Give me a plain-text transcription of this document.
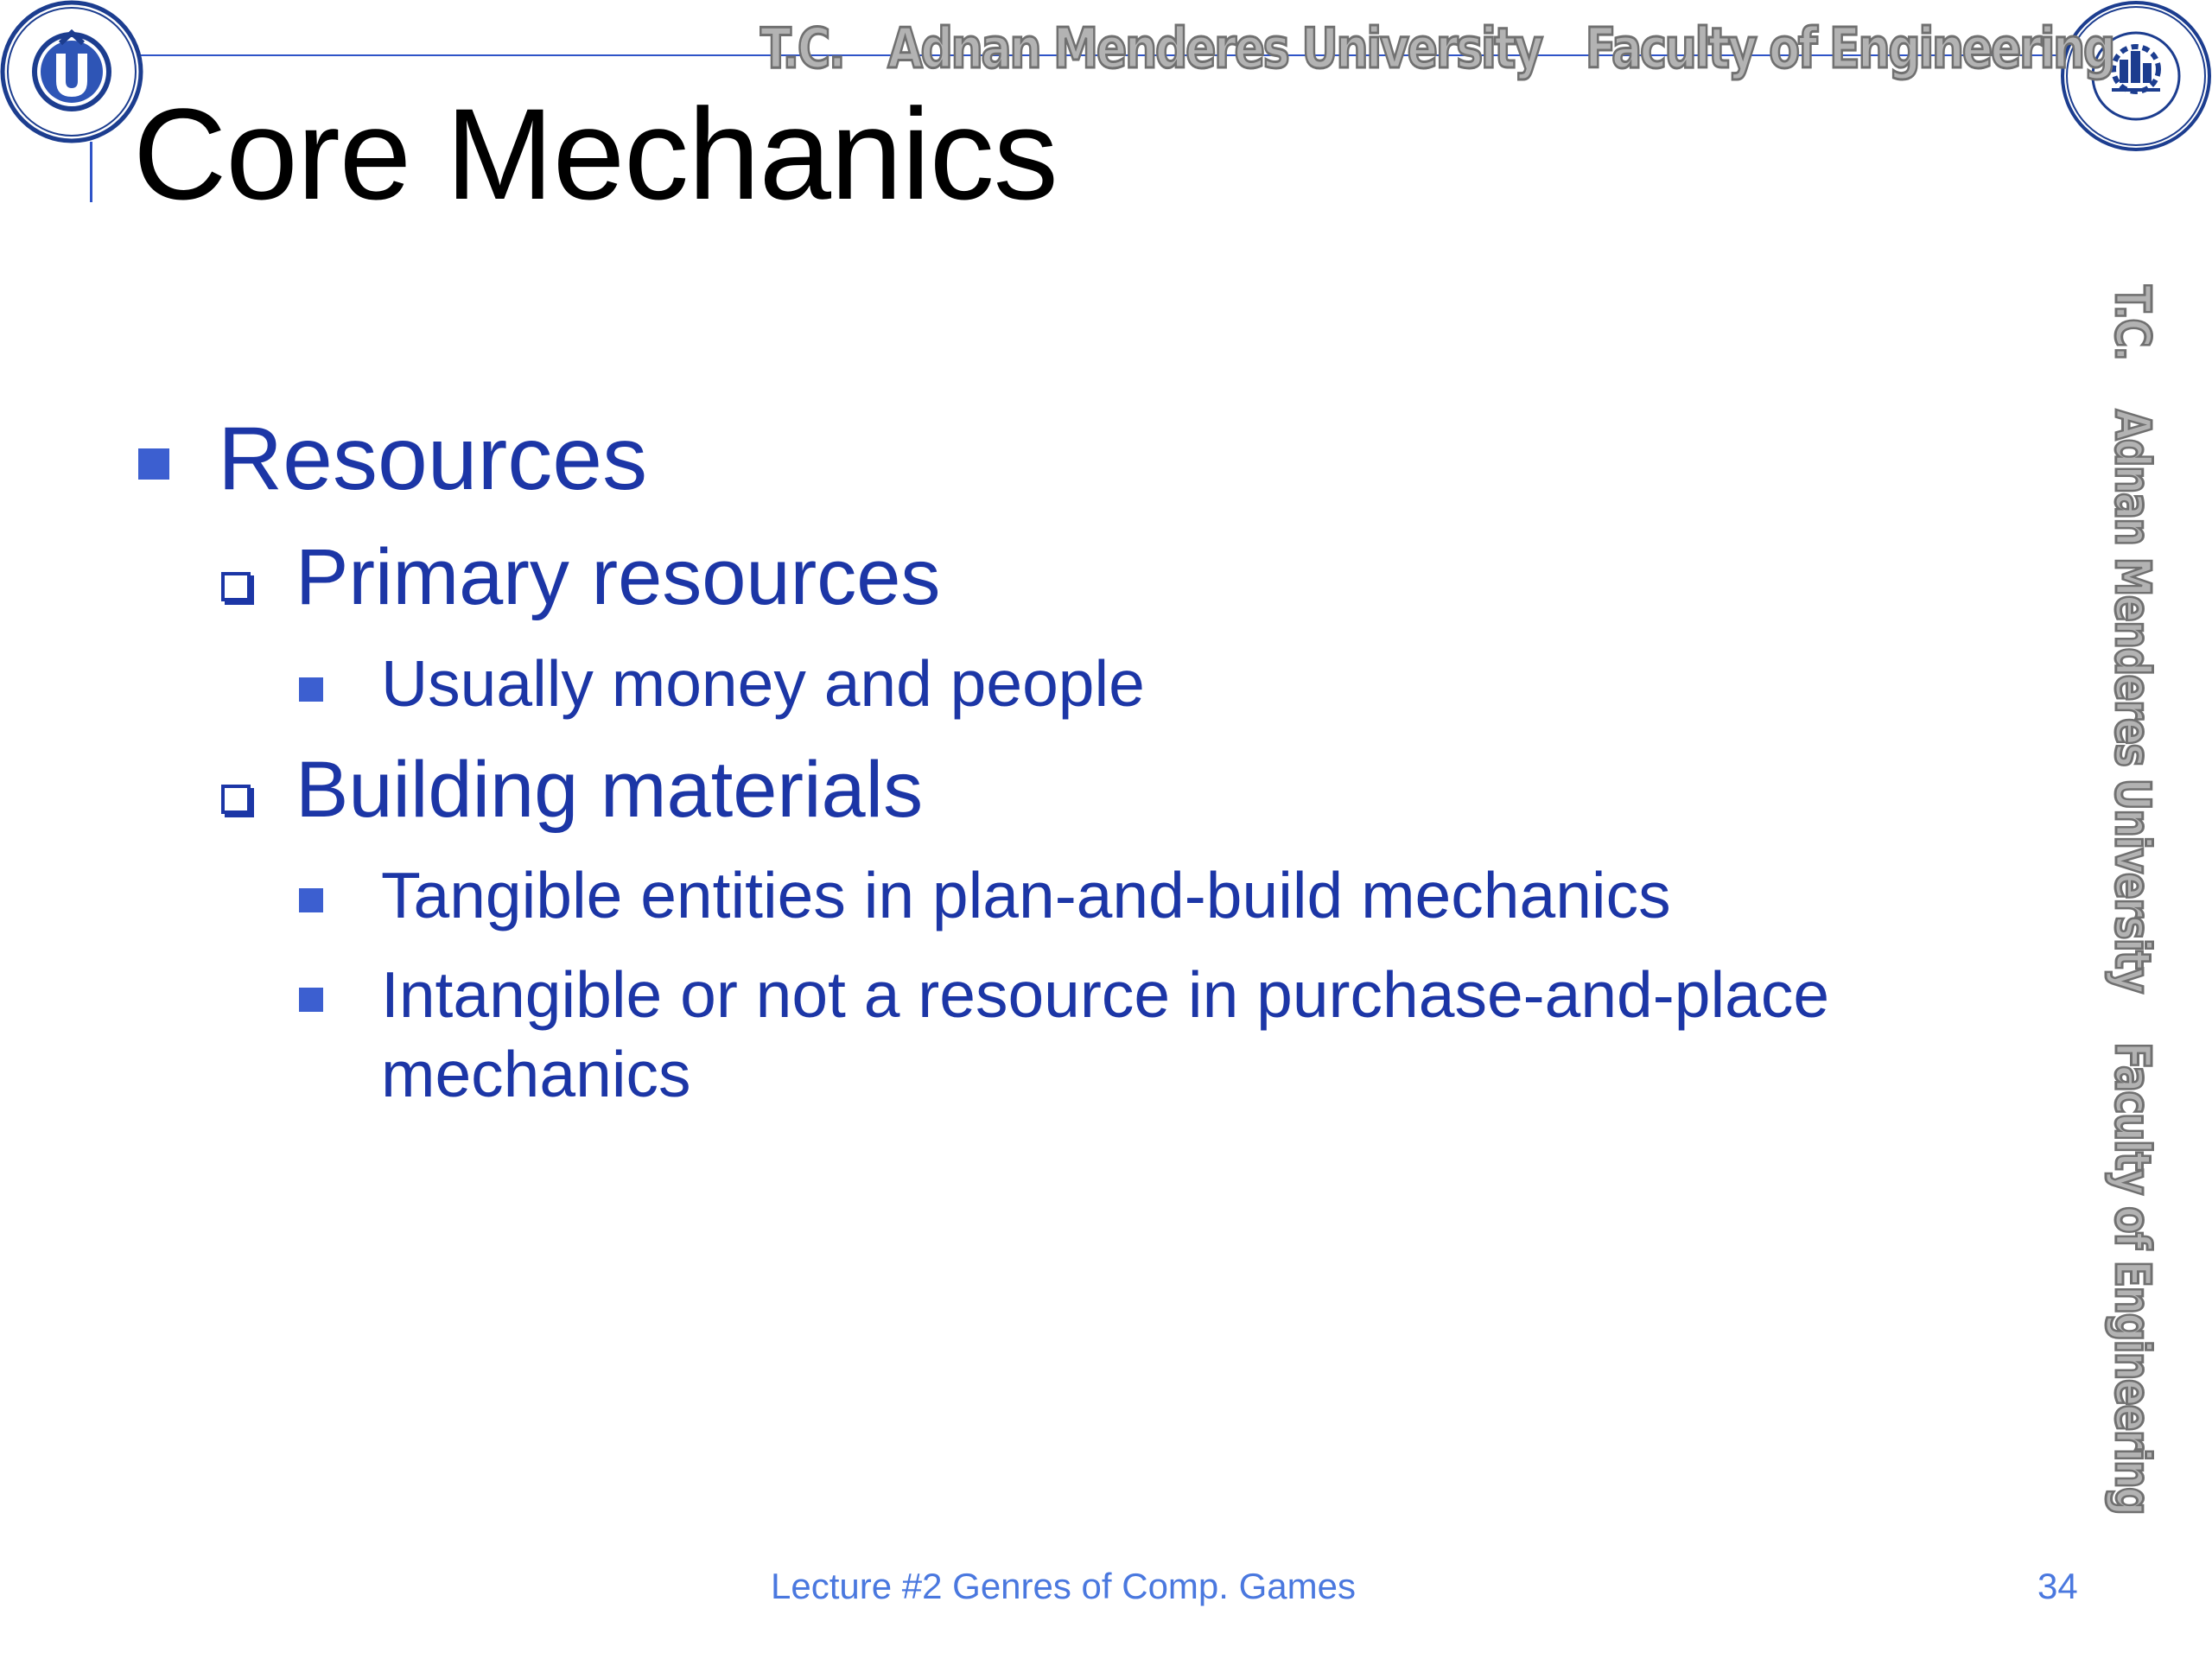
T.C. Adnan Menderes University Faculty of Engineering
Core Mechanics
Resources
Primary resources
Usually money and people
Building materials
Tangible entities in plan-and-build mechanics
Intangible or not a resource in purchase-and-place
mechanics
T.C.
Adnan Menderes University
Faculty of Engineering
Lecture #2 Genres of Comp. Games	34
